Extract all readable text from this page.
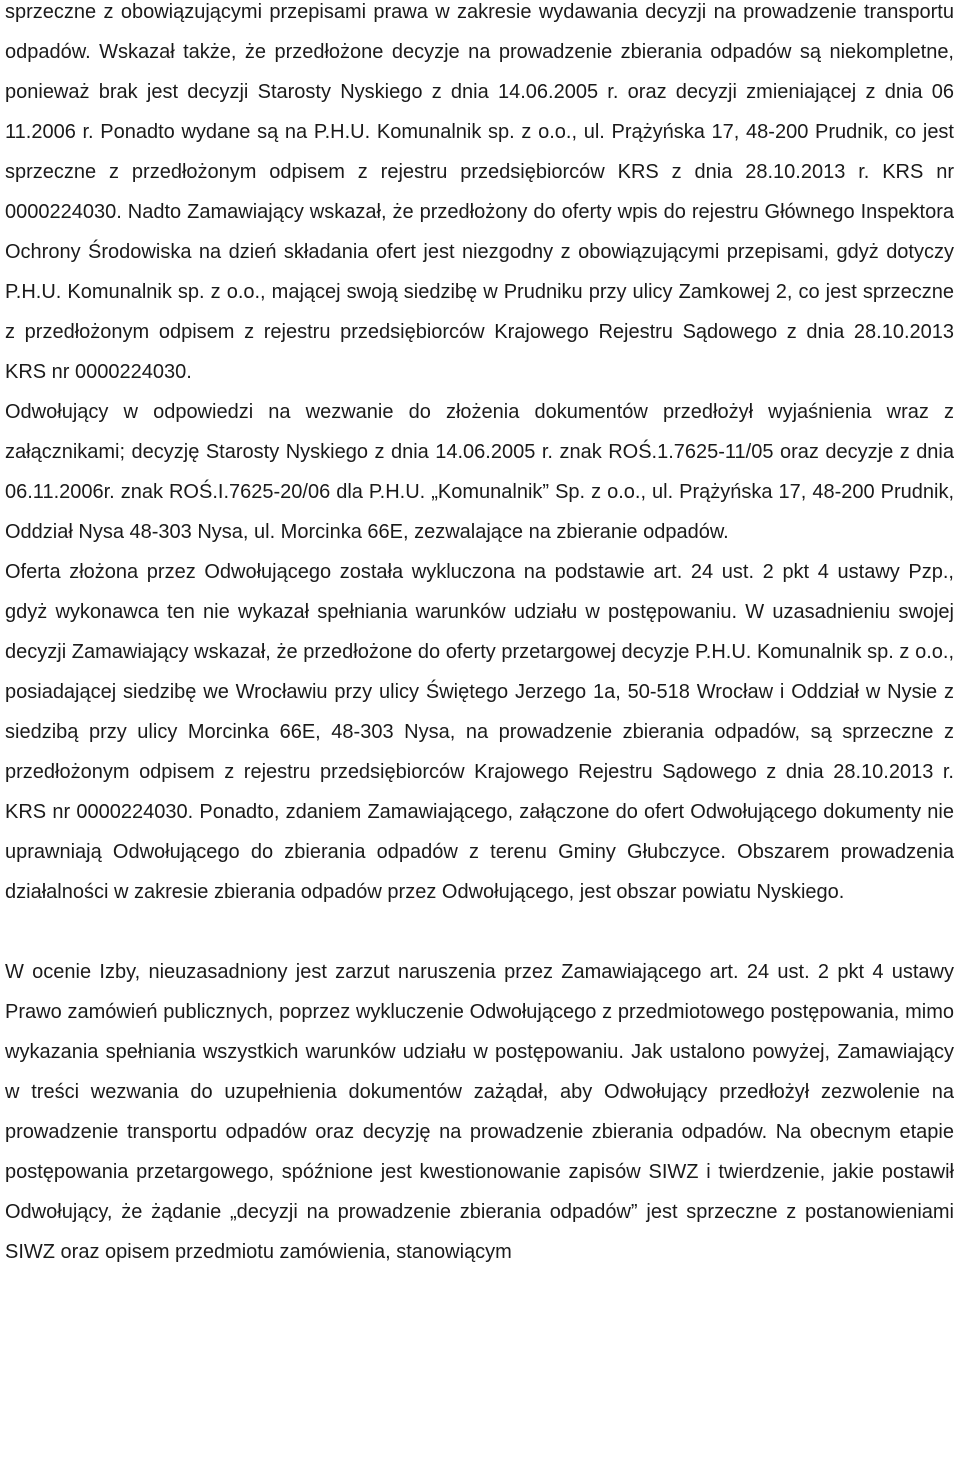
sprzeczne z obowiązującymi przepisami prawa w zakresie wydawania decyzji na prowadzenie transportu odpadów. Wskazał także, że przedłożone decyzje na prowadzenie zbierania odpadów są niekompletne, ponieważ brak jest decyzji Starosty Nyskiego z dnia 14.06.2005 r. oraz decyzji zmieniającej z dnia 06 11.2006 r. Ponadto wydane są na P.H.U. Komunalnik sp. z o.o., ul. Prążyńska 17, 48-200 Prudnik, co jest sprzeczne z przedłożonym odpisem z rejestru przedsiębiorców KRS z dnia 28.10.2013 r. KRS nr 0000224030. Nadto Zamawiający wskazał, że przedłożony do oferty wpis do rejestru Głównego Inspektora Ochrony Środowiska na dzień składania ofert jest niezgodny z obowiązującymi przepisami, gdyż dotyczy P.H.U. Komunalnik sp. z o.o., mającej swoją siedzibę w Prudniku przy ulicy Zamkowej 2, co jest sprzeczne z przedłożonym odpisem z rejestru przedsiębiorców Krajowego Rejestru Sądowego z dnia 28.10.2013 KRS nr 0000224030.

Odwołujący w odpowiedzi na wezwanie do złożenia dokumentów przedłożył wyjaśnienia wraz z załącznikami; decyzję Starosty Nyskiego z dnia 14.06.2005 r. znak ROŚ.1.7625-11/05 oraz decyzje z dnia 06.11.2006r. znak ROŚ.I.7625-20/06 dla P.H.U. „Komunalnik” Sp. z o.o., ul. Prążyńska 17, 48-200 Prudnik, Oddział Nysa 48-303 Nysa, ul. Morcinka 66E, zezwalające na zbieranie odpadów.

Oferta złożona przez Odwołującego została wykluczona na podstawie art. 24 ust. 2 pkt 4 ustawy Pzp., gdyż wykonawca ten nie wykazał spełniania warunków udziału w postępowaniu. W uzasadnieniu swojej decyzji Zamawiający wskazał, że przedłożone do oferty przetargowej decyzje P.H.U. Komunalnik sp. z o.o., posiadającej siedzibę we Wrocławiu przy ulicy Świętego Jerzego 1a, 50-518 Wrocław i Oddział w Nysie z siedzibą przy ulicy Morcinka 66E, 48-303 Nysa, na prowadzenie zbierania odpadów, są sprzeczne z przedłożonym odpisem z rejestru przedsiębiorców Krajowego Rejestru Sądowego z dnia 28.10.2013 r. KRS nr 0000224030. Ponadto, zdaniem Zamawiającego, załączone do ofert Odwołującego dokumenty nie uprawniają Odwołującego do zbierania odpadów z terenu Gminy Głubczyce. Obszarem prowadzenia działalności w zakresie zbierania odpadów przez Odwołującego, jest obszar powiatu Nyskiego.

W ocenie Izby, nieuzasadniony jest zarzut naruszenia przez Zamawiającego art. 24 ust. 2 pkt 4 ustawy Prawo zamówień publicznych, poprzez wykluczenie Odwołującego z przedmiotowego postępowania, mimo wykazania spełniania wszystkich warunków udziału w postępowaniu. Jak ustalono powyżej, Zamawiający w treści wezwania do uzupełnienia dokumentów zażądał, aby Odwołujący przedłożył zezwolenie na prowadzenie transportu odpadów oraz decyzję na prowadzenie zbierania odpadów. Na obecnym etapie postępowania przetargowego, spóźnione jest kwestionowanie zapisów SIWZ i twierdzenie, jakie postawił Odwołujący, że żądanie „decyzji na prowadzenie zbierania odpadów” jest sprzeczne z postanowieniami SIWZ oraz opisem przedmiotu zamówienia, stanowiącym
